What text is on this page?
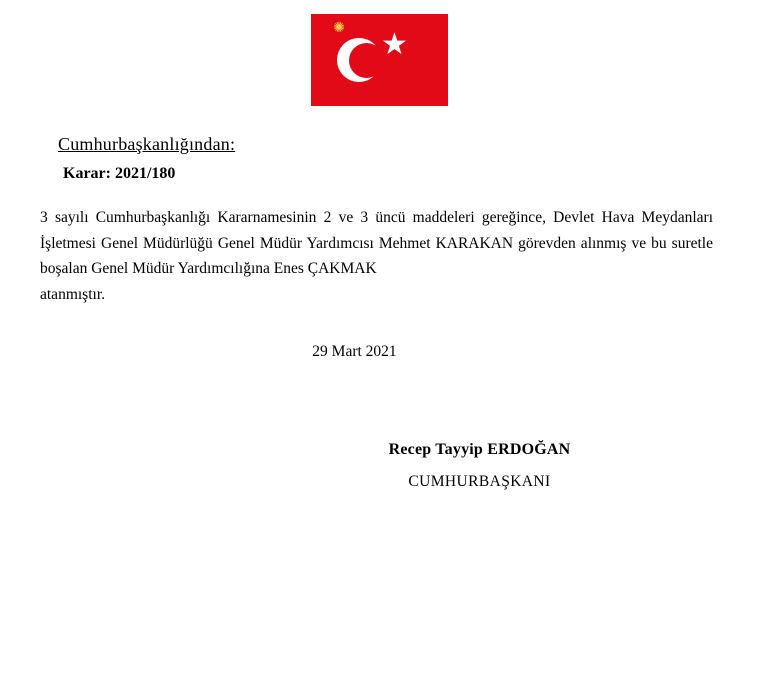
✺ ★
Cumhurbaşkanlığından:
Karar: 2021/180
3 sayılı Cumhurbaşkanlığı Kararnamesinin 2 ve 3 üncü maddeleri gereğince, Devlet Hava Meydanları İşletmesi Genel Müdürlüğü Genel Müdür Yardımcısı Mehmet KARAKAN görevden alınmış ve bu suretle boşalan Genel Müdür Yardımcılığına Enes ÇAKMAK
atanmıştır.
29 Mart 2021
Recep Tayyip ERDOĞAN
CUMHURBAŞKANI
